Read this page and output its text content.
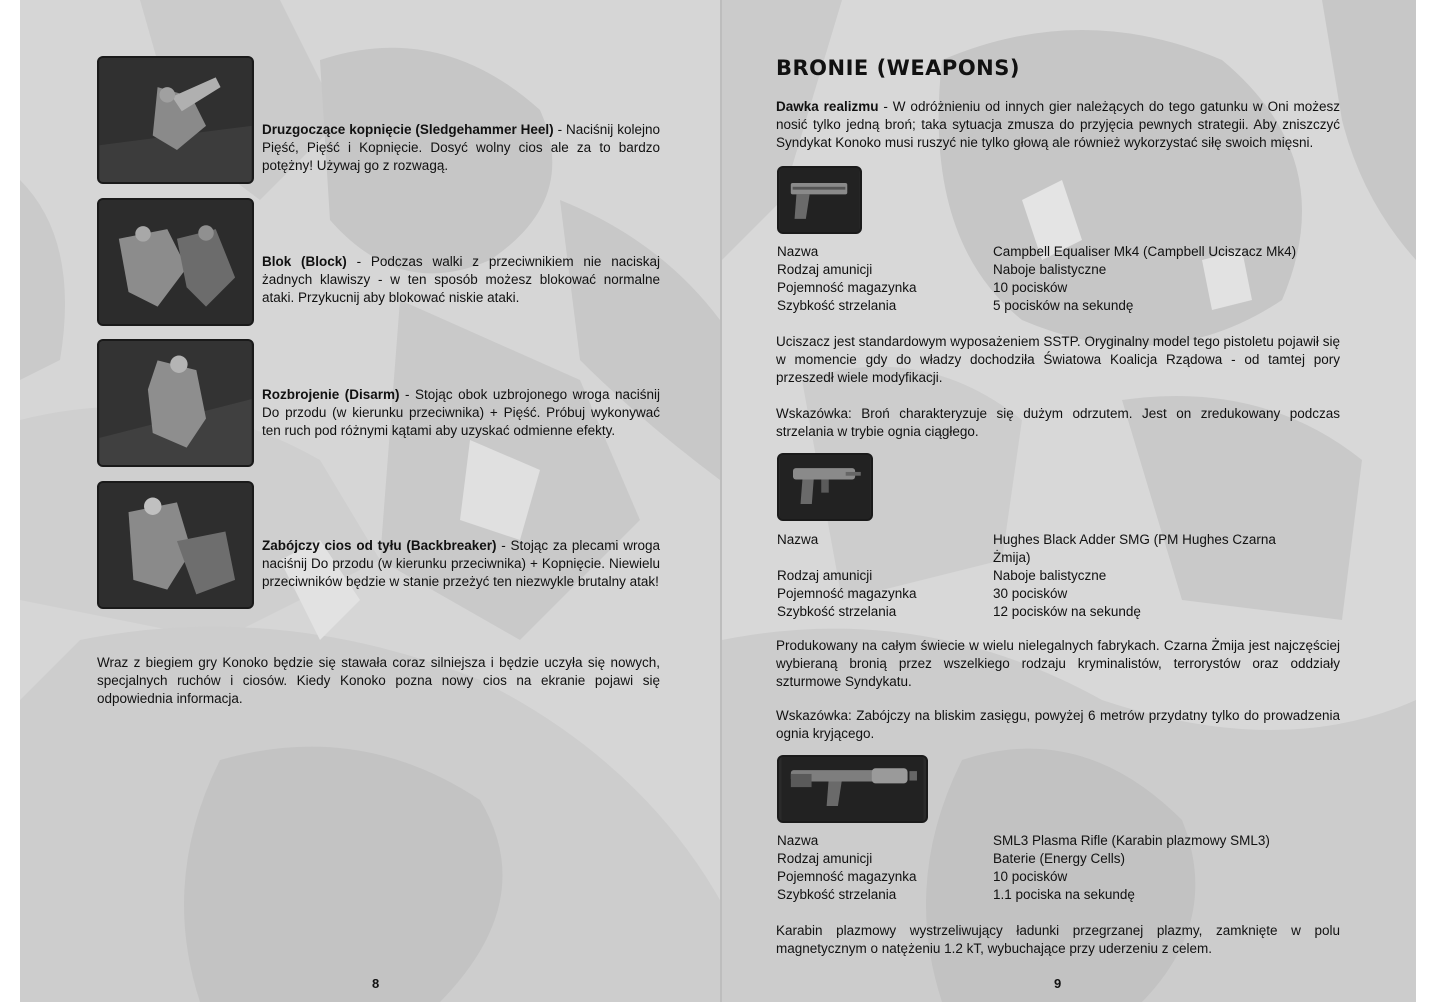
Druzgoczące kopnięcie (Sledgehammer Heel) - Naciśnij kolejno Pięść, Pięść i Kopnięcie. Dosyć wolny cios ale za to bardzo potężny! Używaj go z rozwagą.
Blok (Block) - Podczas walki z przeciwnikiem nie naciskaj żadnych klawiszy - w ten sposób możesz blokować normalne ataki. Przykucnij aby blokować niskie ataki.
Rozbrojenie (Disarm) - Stojąc obok uzbrojonego wroga naciśnij Do przodu (w kierunku przeciwnika) + Pięść. Próbuj wykonywać ten ruch pod różnymi kątami aby uzyskać odmienne efekty.
Zabójczy cios od tyłu (Backbreaker) - Stojąc za plecami wroga naciśnij Do przodu (w kierunku przeciwnika) + Kopnięcie. Niewielu przeciwników będzie w stanie przeżyć ten niezwykle brutalny atak!
Wraz z biegiem gry Konoko będzie się stawała coraz silniejsza i będzie uczyła się nowych, specjalnych ruchów i ciosów. Kiedy Konoko pozna nowy cios na ekranie pojawi się odpowiednia informacja.
8
BRONIE (WEAPONS)
Dawka realizmu - W odróżnieniu od innych gier należących do tego gatunku w Oni możesz nosić tylko jedną broń; taka sytuacja zmusza do przyjęcia pewnych strategii. Aby zniszczyć Syndykat Konoko musi ruszyć nie tylko głową ale również wykorzystać siłę swoich mięsni.
Nazwa	Campbell Equaliser Mk4 (Campbell Uciszacz Mk4)
Rodzaj amunicji	Naboje balistyczne
Pojemność magazynka	10 pocisków
Szybkość strzelania	5 pocisków na sekundę
Uciszacz jest standardowym wyposażeniem SSTP. Oryginalny model tego pistoletu pojawił się w momencie gdy do władzy dochodziła Światowa Koalicja Rządowa - od tamtej pory przeszedł wiele modyfikacji.
Wskazówka: Broń charakteryzuje się dużym odrzutem. Jest on zredukowany podczas strzelania w trybie ognia ciągłego.
Nazwa	Hughes Black Adder SMG (PM Hughes Czarna Żmija)
Rodzaj amunicji	Naboje balistyczne
Pojemność magazynka	30 pocisków
Szybkość strzelania	12 pocisków na sekundę
Produkowany na całym świecie w wielu nielegalnych fabrykach. Czarna Żmija jest najczęściej wybieraną bronią przez wszelkiego rodzaju kryminalistów, terrorystów oraz oddziały szturmowe Syndykatu.
Wskazówka: Zabójczy na bliskim zasięgu, powyżej 6 metrów przydatny tylko do prowadzenia ognia kryjącego.
Nazwa	SML3 Plasma Rifle (Karabin plazmowy SML3)
Rodzaj amunicji	Baterie (Energy Cells)
Pojemność magazynka	10 pocisków
Szybkość strzelania	1.1 pociska na sekundę
Karabin plazmowy wystrzeliwujący ładunki przegrzanej plazmy, zamknięte w polu magnetycznym o natężeniu 1.2 kT, wybuchające przy uderzeniu z celem.
9
